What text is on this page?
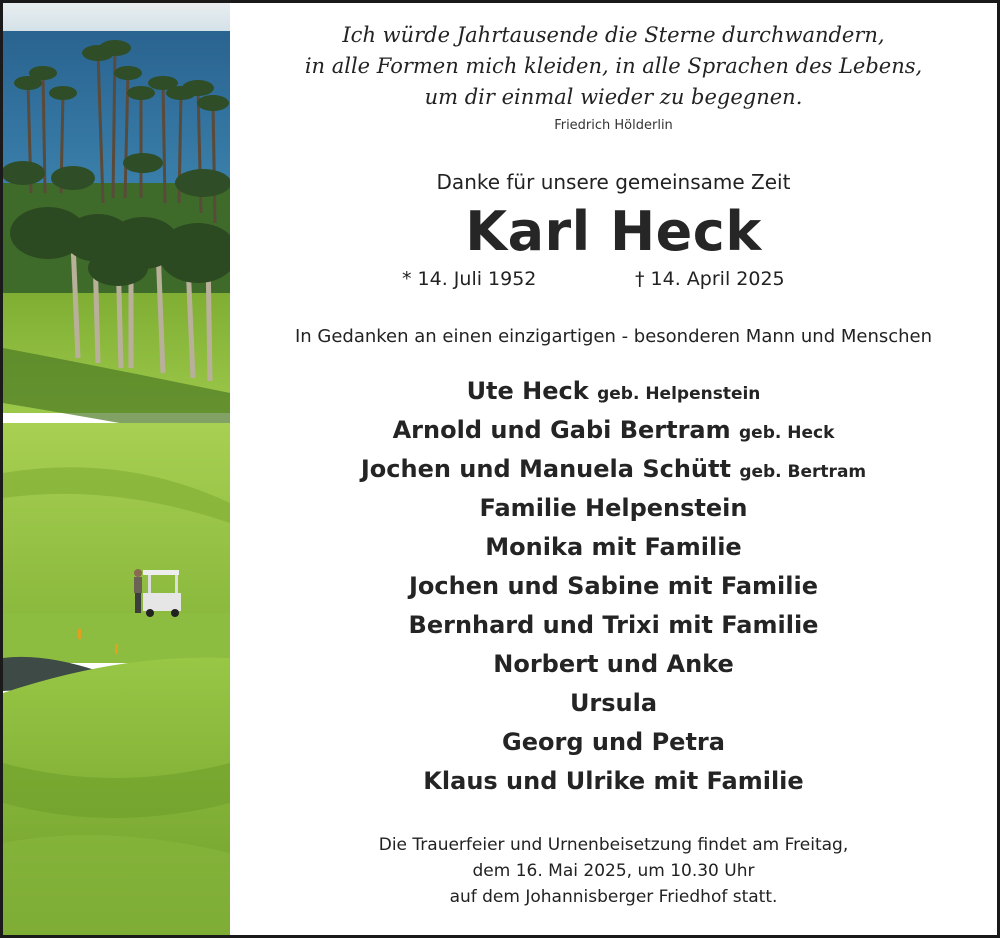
Ich würde Jahrtausende die Sterne durchwandern,
in alle Formen mich kleiden, in alle Sprachen des Lebens,
um dir einmal wieder zu begegnen.
Friedrich Hölderlin
Danke für unsere gemeinsame Zeit
Karl Heck
* 14. Juli 1952	† 14. April 2025
In Gedanken an einen einzigartigen - besonderen Mann und Menschen
Ute Heck geb. Helpenstein
Arnold und Gabi Bertram geb. Heck
Jochen und Manuela Schütt geb. Bertram
Familie Helpenstein
Monika mit Familie
Jochen und Sabine mit Familie
Bernhard und Trixi mit Familie
Norbert und Anke
Ursula
Georg und Petra
Klaus und Ulrike mit Familie
Die Trauerfeier und Urnenbeisetzung findet am Freitag,
dem 16. Mai 2025, um 10.30 Uhr
auf dem Johannisberger Friedhof statt.
